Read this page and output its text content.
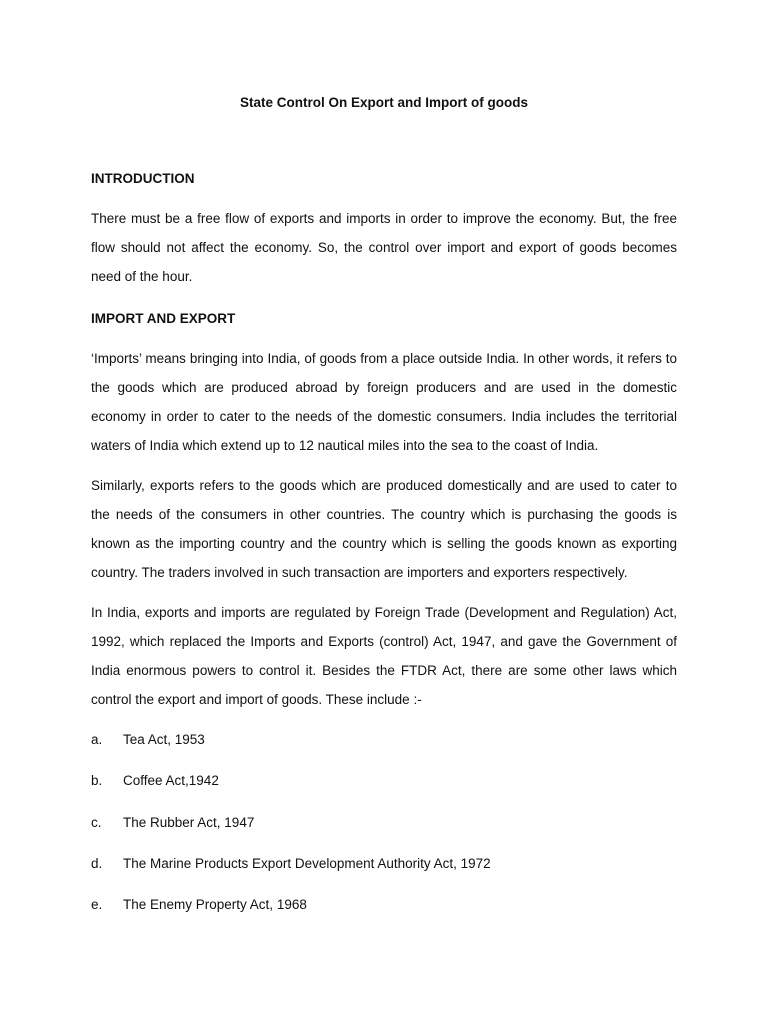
State Control On Export and Import of goods
INTRODUCTION

There must be a free flow of exports and imports in order to improve the economy. But, the free flow should not affect the economy. So, the control over import and export of goods becomes need of the hour.

IMPORT AND EXPORT

‘Imports’ means bringing into India, of goods from a place outside India. In other words, it refers to the goods which are produced abroad by foreign producers and are used in the domestic economy in order to cater to the needs of the domestic consumers. India includes the territorial waters of India which extend up to 12 nautical miles into the sea to the coast of India.

Similarly, exports refers to the goods which are produced domestically and are used to cater to the needs of the consumers in other countries. The country which is purchasing the goods is known as the importing country and the country which is selling the goods known as exporting country. The traders involved in such transaction are importers and exporters respectively.

In India, exports and imports are regulated by Foreign Trade (Development and Regulation) Act, 1992, which replaced the Imports and Exports (control) Act, 1947, and gave the Government of India enormous powers to control it. Besides the FTDR Act, there are some other laws which control the export and import of goods. These include :-

a. Tea Act, 1953
b. Coffee Act,1942
c. The Rubber Act, 1947
d. The Marine Products Export Development Authority Act, 1972
e. The Enemy Property Act, 1968
